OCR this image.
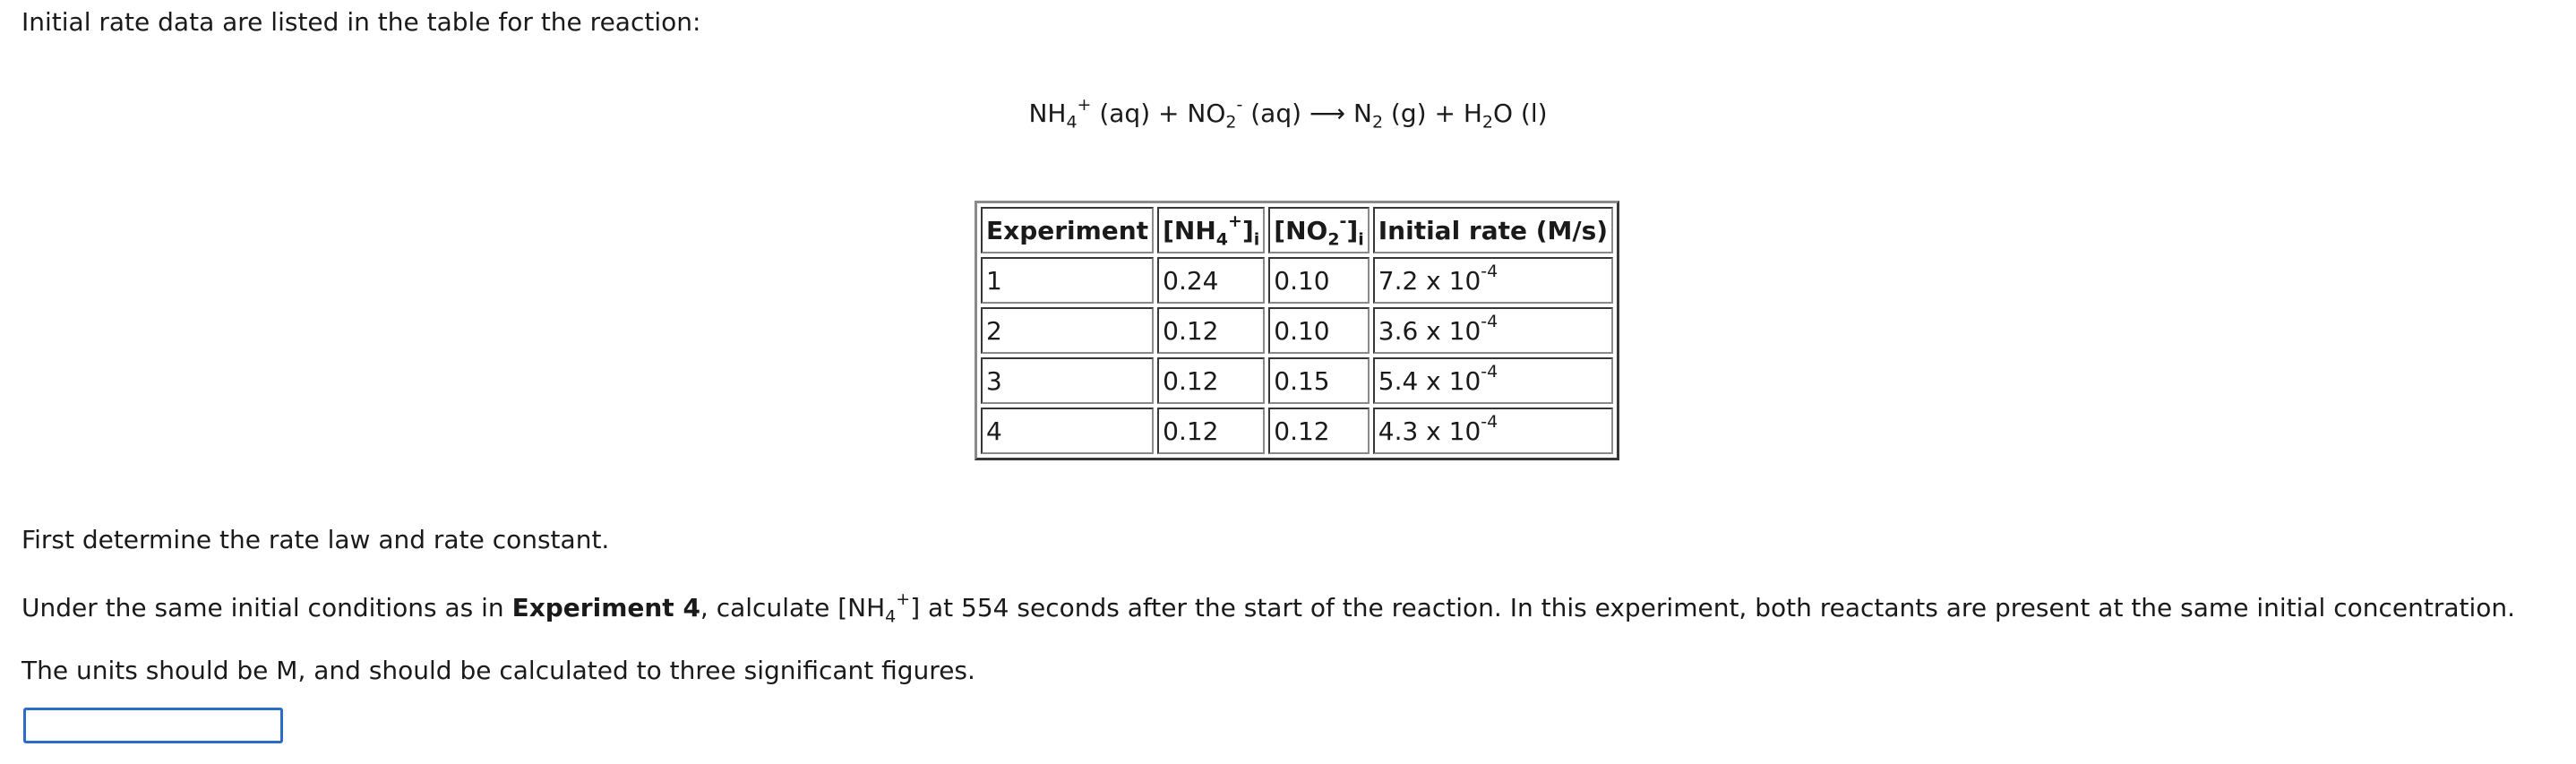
Initial rate data are listed in the table for the reaction:
$NH_4^+$ $(aq) + NO_2^-$ (aq) ⟶ $N_2$ $(g) + H_2O$ (l)
Experiment	$[NH_4^+]_i$	$[NO_2^-]_i$	Initial rate (M/s)
1	0.24	0.10	7.2 x $10^{-4}$
2	0.12	0.10	3.6 x $10^{-4}$
3	0.12	0.15	5.4 x $10^{-4}$
4	0.12	0.12	4.3 x $10^{-4}$
First determine the rate law and rate constant.
Under the same initial conditions as in Experiment 4, calculate $[NH_4^+]$ at 554 seconds after the start of the reaction. In this experiment, both reactants are present at the same initial concentration.
The units should be M, and should be calculated to three significant figures.
